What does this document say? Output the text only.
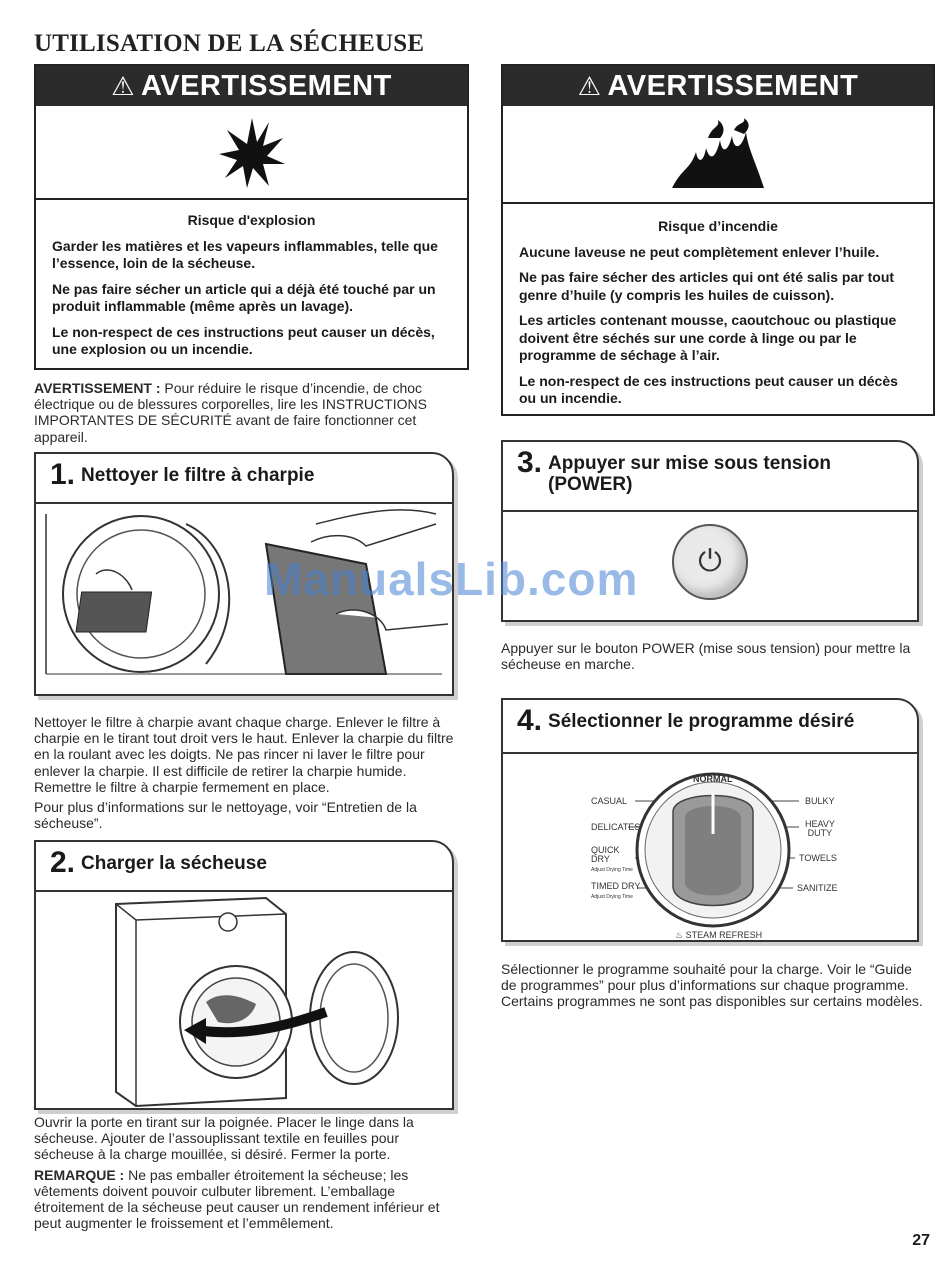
UTILISATION DE LA SÉCHEUSE
⚠ AVERTISSEMENT
Risque d'explosion

Garder les matières et les vapeurs inflammables, telle que l’essence, loin de la sécheuse.

Ne pas faire sécher un article qui a déjà été touché par un produit inflammable (même après un lavage).

Le non-respect de ces instructions peut causer un décès, une explosion ou un incendie.

⚠ AVERTISSEMENT
Risque d’incendie

Aucune laveuse ne peut complètement enlever l’huile.

Ne pas faire sécher des articles qui ont été salis par tout genre d’huile (y compris les huiles de cuisson).

Les articles contenant mousse, caoutchouc ou plastique doivent être séchés sur une corde à linge ou par le programme de séchage à l’air.

Le non-respect de ces instructions peut causer un décès ou un incendie.

AVERTISSEMENT : Pour réduire le risque d’incendie, de choc électrique ou de blessures corporelles, lire les INSTRUCTIONS IMPORTANTES DE SÉCURITÉ avant de faire fonctionner cet appareil.
1. Nettoyer le filtre à charpie

Nettoyer le filtre à charpie avant chaque charge. Enlever le filtre à charpie en le tirant tout droit vers le haut. Enlever la charpie du filtre en la roulant avec les doigts. Ne pas rincer ni laver le filtre pour enlever la charpie. Il est difficile de retirer la charpie humide. Remettre le filtre à charpie fermement en place.

Pour plus d’informations sur le nettoyage, voir “Entretien de la sécheuse”.

2. Charger la sécheuse

Ouvrir la porte en tirant sur la poignée. Placer le linge dans la sécheuse. Ajouter de l’assouplissant textile en feuilles pour sécheuse à la charge mouillée, si désiré. Fermer la porte.

REMARQUE : Ne pas emballer étroitement la sécheuse; les vêtements doivent pouvoir culbuter librement. L’emballage étroitement de la sécheuse peut causer un rendement inférieur et peut augmenter le froissement et l’emmêlement.

3. Appuyer sur mise sous tension
(POWER)
⏻
ManualsLib.com

Appuyer sur le bouton POWER (mise sous tension) pour mettre la sécheuse en marche.

4. Sélectionner le programme désiré
NORMAL
CASUAL
DELICATES
QUICK
DRY
Adjust Drying Time
TIMED DRY
Adjust Drying Time
BULKY
HEAVY
DUTY
TOWELS
SANITIZE
♨ STEAM REFRESH

Sélectionner le programme souhaité pour la charge. Voir le “Guide de programmes” pour plus d’informations sur chaque programme. Certains programmes ne sont pas disponibles sur certains modèles.

27
